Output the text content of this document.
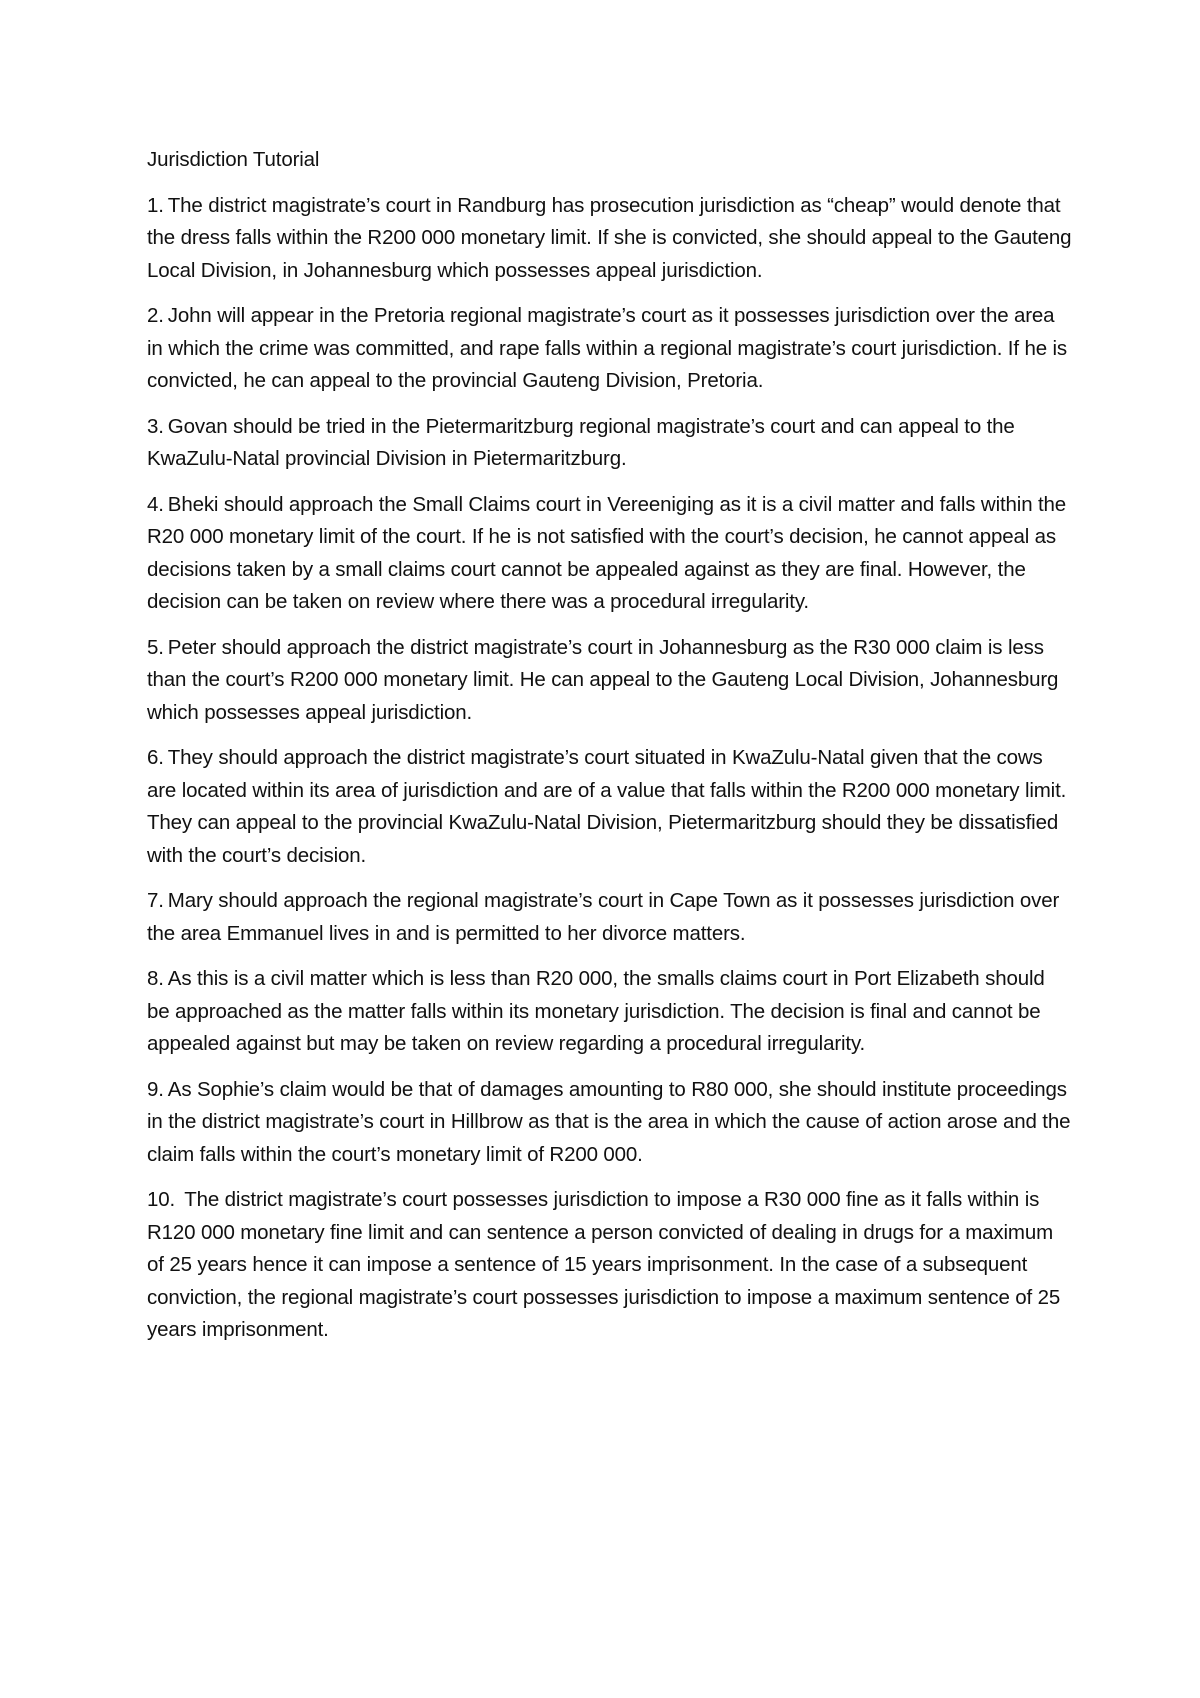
Jurisdiction Tutorial

1. The district magistrate’s court in Randburg has prosecution jurisdiction as “cheap” would denote that the dress falls within the R200 000 monetary limit. If she is convicted, she should appeal to the Gauteng Local Division, in Johannesburg which possesses appeal jurisdiction.

2. John will appear in the Pretoria regional magistrate’s court as it possesses jurisdiction over the area in which the crime was committed, and rape falls within a regional magistrate’s court jurisdiction. If he is convicted, he can appeal to the provincial Gauteng Division, Pretoria.

3. Govan should be tried in the Pietermaritzburg regional magistrate’s court and can appeal to the KwaZulu-Natal provincial Division in Pietermaritzburg.

4. Bheki should approach the Small Claims court in Vereeniging as it is a civil matter and falls within the R20 000 monetary limit of the court. If he is not satisfied with the court’s decision, he cannot appeal as decisions taken by a small claims court cannot be appealed against as they are final. However, the decision can be taken on review where there was a procedural irregularity.

5. Peter should approach the district magistrate’s court in Johannesburg as the R30 000 claim is less than the court’s R200 000 monetary limit. He can appeal to the Gauteng Local Division, Johannesburg which possesses appeal jurisdiction.

6. They should approach the district magistrate’s court situated in KwaZulu-Natal given that the cows are located within its area of jurisdiction and are of a value that falls within the R200 000 monetary limit. They can appeal to the provincial KwaZulu-Natal Division, Pietermaritzburg should they be dissatisfied with the court’s decision.

7. Mary should approach the regional magistrate’s court in Cape Town as it possesses jurisdiction over the area Emmanuel lives in and is permitted to her divorce matters.

8. As this is a civil matter which is less than R20 000, the smalls claims court in Port Elizabeth should be approached as the matter falls within its monetary jurisdiction. The decision is final and cannot be appealed against but may be taken on review regarding a procedural irregularity.

9. As Sophie’s claim would be that of damages amounting to R80 000, she should institute proceedings in the district magistrate’s court in Hillbrow as that is the area in which the cause of action arose and the claim falls within the court’s monetary limit of R200 000.

10. The district magistrate’s court possesses jurisdiction to impose a R30 000 fine as it falls within is R120 000 monetary fine limit and can sentence a person convicted of dealing in drugs for a maximum of 25 years hence it can impose a sentence of 15 years imprisonment. In the case of a subsequent conviction, the regional magistrate’s court possesses jurisdiction to impose a maximum sentence of 25 years imprisonment.
